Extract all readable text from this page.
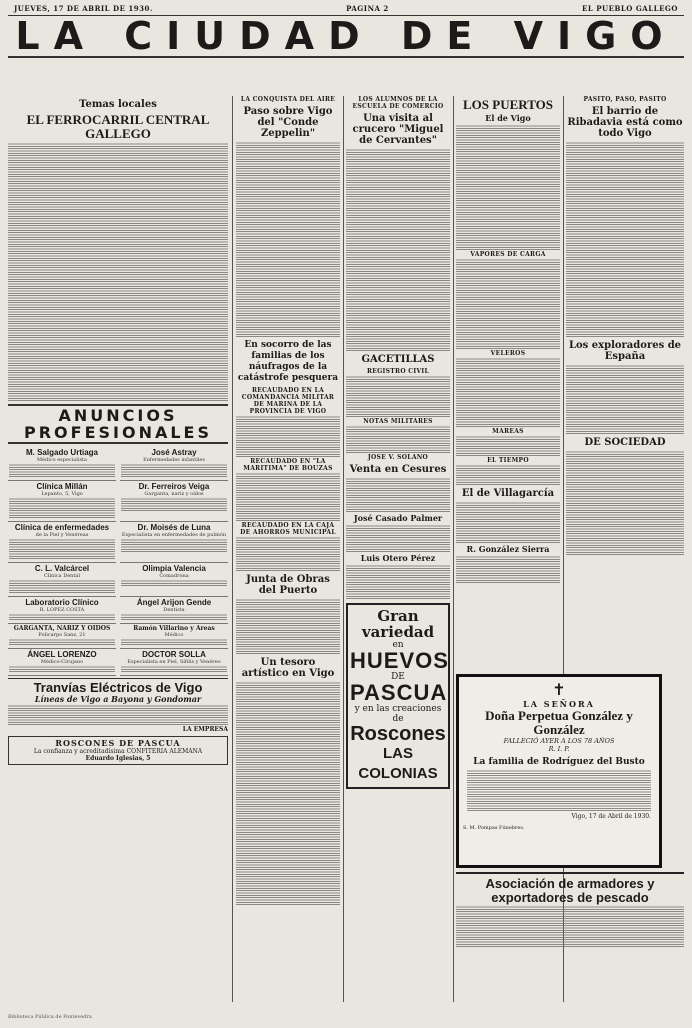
JUEVES, 17 DE ABRIL DE 1930.	PAGINA 2	EL PUEBLO GALLEGO
LA CIUDAD DE VIGO
Temas locales
EL FERROCARRIL CENTRAL GALLEGO
ANUNCIOS PROFESIONALES
M. Salgado Urtiaga
Médico especialista
José Astray
Enfermedades infantiles
Clínica Millán
Lepanto, 5, Vigo
Dr. Ferreiros Veiga
Garganta, nariz y oídos
Clínica de enfermedades
de la Piel y Venéreas
Dr. Moisés de Luna
Especialista en enfermedades de pulmón
C. L. Valcárcel
Clínica Dental
Olimpia Valencia
Comadrona
Laboratorio Clínico
R. LOPEZ COSTA
Ángel Arijon Gende
Dentista
GARGANTA, NARIZ Y OIDOS
Policarpo Sanz, 21
Ramón Villarino y Areas
Médico
ÁNGEL LORENZO
Médico-Cirujano
DOCTOR SOLLA
Especialista en Piel, Sífilis y Venéreo
Tranvías Eléctricos de Vigo
Líneas de Vigo a Bayona y Gondomar
LA EMPRESA
ROSCONES DE PASCUA
La confianza y acreditadísima CONFITERIA ALEMANA
Eduardo Iglesias, 5
LA CONQUISTA DEL AIRE
Paso sobre Vigo del "Conde Zeppelin"
En socorro de las familias de los náufragos de la catástrofe pesquera
RECAUDADO EN LA COMANDANCIA MILITAR DE MARINA DE LA PROVINCIA DE VIGO
RECAUDADO EN "LA MARITIMA" DE BOUZAS
RECAUDADO EN LA CAJA DE AHORROS MUNICIPAL
Junta de Obras del Puerto
Un tesoro artístico en Vigo
LOS ALUMNOS DE LA ESCUELA DE COMERCIO
Una visita al crucero "Miguel de Cervantes"
GACETILLAS
REGISTRO CIVIL
NOTAS MILITARES
JOSE V. SOLANO
Venta en Cesures
José Casado Palmer
Luis Otero Pérez
Gran variedad
en
HUEVOS
DE
PASCUA
y en las creaciones de
Roscones
LAS COLONIAS
LOS PUERTOS
El de Vigo
VAPORES DE CARGA
VELEROS
MAREAS
EL TIEMPO
El de Villagarcía
R. González Sierra
PASITO, PASO, PASITO
El barrio de Ribadavia está como todo Vigo
Los exploradores de España
DE SOCIEDAD
✝
LA SEÑORA
Doña Perpetua González y González
FALLECIÓ AYER A LOS 78 AÑOS
R. I. P.
La familia de Rodríguez del Busto
Vigo, 17 de Abril de 1930.
S. M. Pompas Fúnebres.
Asociación de armadores y exportadores de pescado
Biblioteca Pública de Pontevedra
